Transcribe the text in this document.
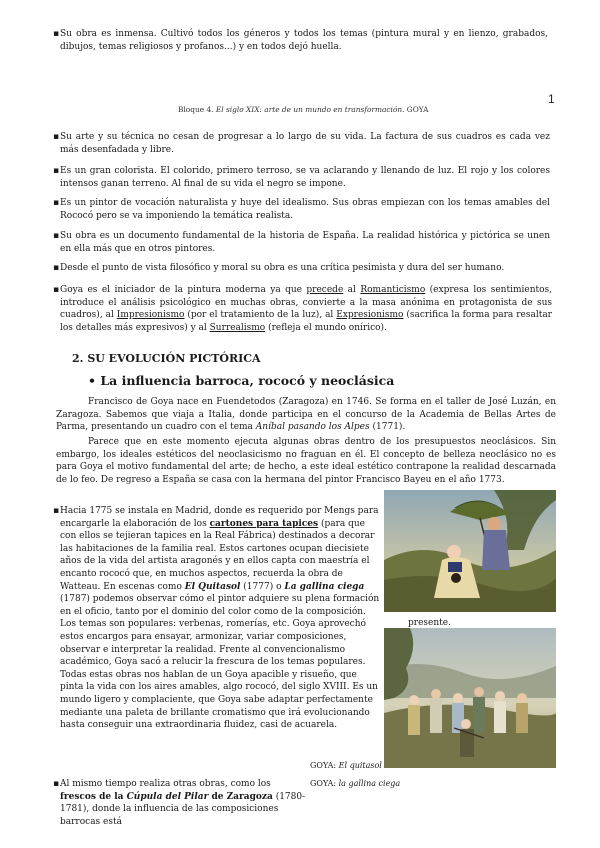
▪ Su obra es inmensa. Cultivó todos los géneros y todos los temas (pintura mural y en lienzo, grabados, dibujos, temas religiosos y profanos...) y en todos dejó huella.
1
Bloque 4. El siglo XIX: arte de un mundo en transformación. GOYA
▪ Su arte y su técnica no cesan de progresar a lo largo de su vida. La factura de sus cuadros es cada vez más desenfadada y libre.
▪ Es un gran colorista. El colorido, primero terroso, se va aclarando y llenando de luz. El rojo y los colores intensos ganan terreno. Al final de su vida el negro se impone.
▪ Es un pintor de vocación naturalista y huye del idealismo. Sus obras empiezan con los temas amables del Rococó pero se va imponiendo la temática realista.
▪ Su obra es un documento fundamental de la historia de España. La realidad histórica y pictórica se unen en ella más que en otros pintores.
▪ Desde el punto de vista filosófico y moral su obra es una crítica pesimista y dura del ser humano.
▪ Goya es el iniciador de la pintura moderna ya que precede al Romanticismo (expresa los sentimientos, introduce el análisis psicológico en muchas obras, convierte a la masa anónima en protagonista de sus cuadros), al Impresionismo (por el tratamiento de la luz), al Expresionismo (sacrifica la forma para resaltar los detalles más expresivos) y al Surrealismo (refleja el mundo onírico).
2. SU EVOLUCIÓN PICTÓRICA
• La influencia barroca, rococó y neoclásica
Francisco de Goya nace en Fuendetodos (Zaragoza) en 1746. Se forma en el taller de José Luzán, en Zaragoza. Sabemos que viaja a Italia, donde participa en el concurso de la Academia de Bellas Artes de Parma, presentando un cuadro con el tema Aníbal pasando los Alpes (1771).
Parece que en este momento ejecuta algunas obras dentro de los presupuestos neoclásicos. Sin embargo, los ideales estéticos del neoclasicismo no fraguan en él. El concepto de belleza neoclásico no es para Goya el motivo fundamental del arte; de hecho, a este ideal estético contrapone la realidad descarnada de lo feo. De regreso a España se casa con la hermana del pintor Francisco Bayeu en el año 1773.
▪ Hacia 1775 se instala en Madrid, donde es requerido por Mengs para encargarle la elaboración de los cartones para tapices (para que con ellos se tejieran tapices en la Real Fábrica) destinados a decorar las habitaciones de la familia real. Estos cartones ocupan diecisiete años de la vida del artista aragonés y en ellos capta con maestría el encanto rococó que, en muchos aspectos, recuerda la obra de Watteau. En escenas como El Quitasol (1777) o La gallina ciega (1787) podemos observar cómo el pintor adquiere su plena formación en el oficio, tanto por el dominio del color como de la composición. Los temas son populares: verbenas, romerías, etc. Goya aprovechó estos encargos para ensayar, armonizar, variar composiciones, observar e interpretar la realidad. Frente al convencionalismo académico, Goya sacó a relucir la frescura de los temas populares. Todas estas obras nos hablan de un Goya apacible y risueño, que pinta la vida con los aires amables, algo rococó, del siglo XVIII. Es un mundo ligero y complaciente, que Goya sabe adaptar perfectamente mediante una paleta de brillante cromatismo que irá evolucionando hasta conseguir una extraordinaria fluidez, casi de acuarela.
presente.
GOYA: El quitasol
GOYA: la gallina ciega
▪ Al mismo tiempo realiza otras obras, como los frescos de la Cúpula del Pilar de Zaragoza (1780-1781), donde la influencia de las composiciones barrocas está
